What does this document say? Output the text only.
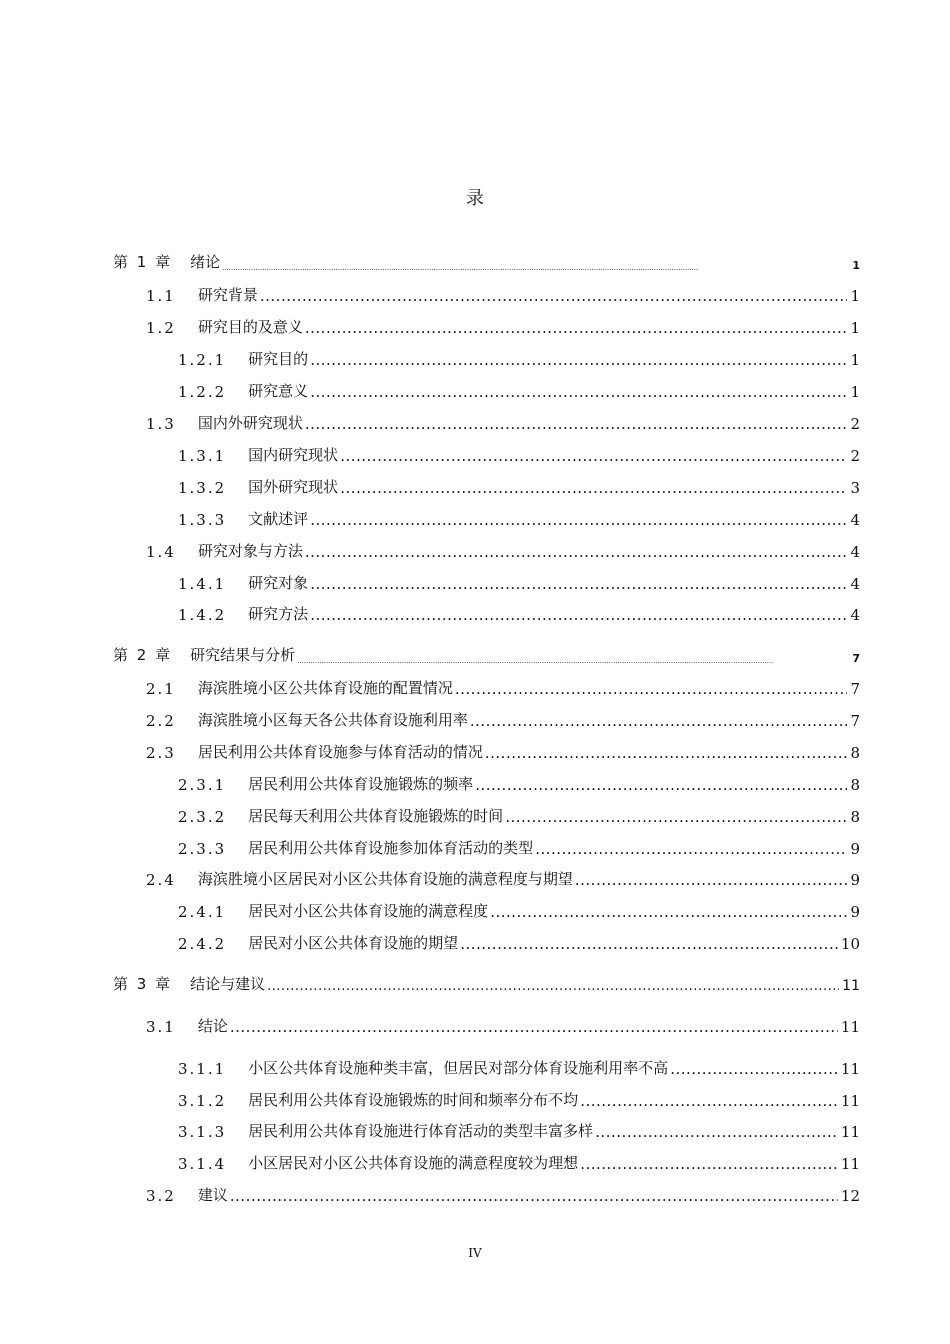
录
第 1 章 绪论 .....	1
1.1 研究背景 .....	1
1.2 研究目的及意义 .....	1
1.2.1 研究目的 .....	1
1.2.2 研究意义 .....	1
1.3 国内外研究现状 .....	2
1.3.1 国内研究现状 .....	2
1.3.2 国外研究现状 .....	3
1.3.3 文献述评 .....	4
1.4 研究对象与方法 .....	4
1.4.1 研究对象 .....	4
1.4.2 研究方法 .....	4
第 2 章 研究结果与分析 .....	7
2.1 海滨胜境小区公共体育设施的配置情况 .....	7
2.2 海滨胜境小区每天各公共体育设施利用率 .....	7
2.3 居民利用公共体育设施参与体育活动的情况 .....	8
2.3.1 居民利用公共体育设施锻炼的频率 .....	8
2.3.2 居民每天利用公共体育设施锻炼的时间 .....	8
2.3.3 居民利用公共体育设施参加体育活动的类型 .....	9
2.4 海滨胜境小区居民对小区公共体育设施的满意程度与期望 .....	9
2.4.1 居民对小区公共体育设施的满意程度 .....	9
2.4.2 居民对小区公共体育设施的期望 .....	10
第 3 章 结论与建议 .....	11
3.1 结论 .....	11
3.1.1 小区公共体育设施种类丰富，但居民对部分体育设施利用率不高 .....	11
3.1.2 居民利用公共体育设施锻炼的时间和频率分布不均 .....	11
3.1.3 居民利用公共体育设施进行体育活动的类型丰富多样 .....	11
3.1.4 小区居民对小区公共体育设施的满意程度较为理想 .....	11
3.2 建议 .....	12
IV
